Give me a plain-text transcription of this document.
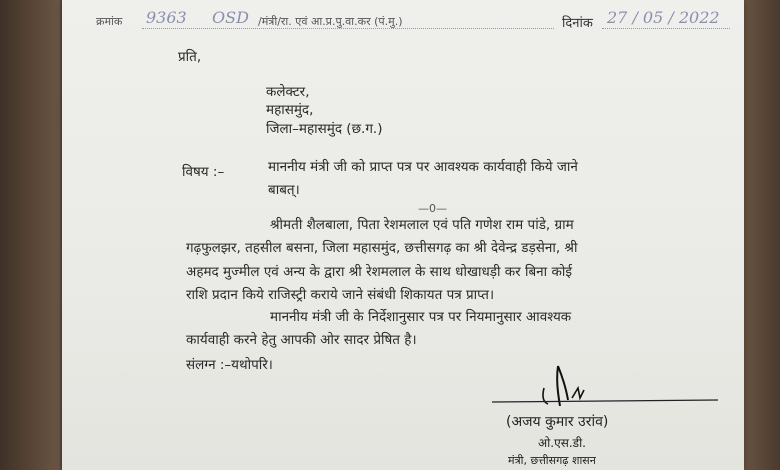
क्रमांक 9363 OSD /मंत्री/रा. एवं आ.प्र.पु.वा.कर (पं.मु.)	दिनांक 27 / 05 / 2022
प्रति,
कलेक्टर,
महासमुंद,
जिला–महासमुंद (छ.ग.)
विषय :–	माननीय मंत्री जी को प्राप्त पत्र पर आवश्यक कार्यवाही किये जाने
बाबत्।
—0—
श्रीमती शैलबाला, पिता रेशमलाल एवं पति गणेश राम पांडे, ग्राम
गढ़फुलझर, तहसील बसना, जिला महासमुंद, छत्तीसगढ़ का श्री देवेन्द्र डड़सेना, श्री
अहमद मुज्मील एवं अन्य के द्वारा श्री रेशमलाल के साथ धोखाधड़ी कर बिना कोई
राशि प्रदान किये राजिस्ट्री कराये जाने संबंधी शिकायत पत्र प्राप्त।
माननीय मंत्री जी के निर्देशानुसार पत्र पर नियमानुसार आवश्यक
कार्यवाही करने हेतु आपकी ओर सादर प्रेषित है।
संलग्न :–यथोपरि।
(अजय कुमार उरांव)
ओ.एस.डी.
मंत्री, छत्तीसगढ़ शासन
